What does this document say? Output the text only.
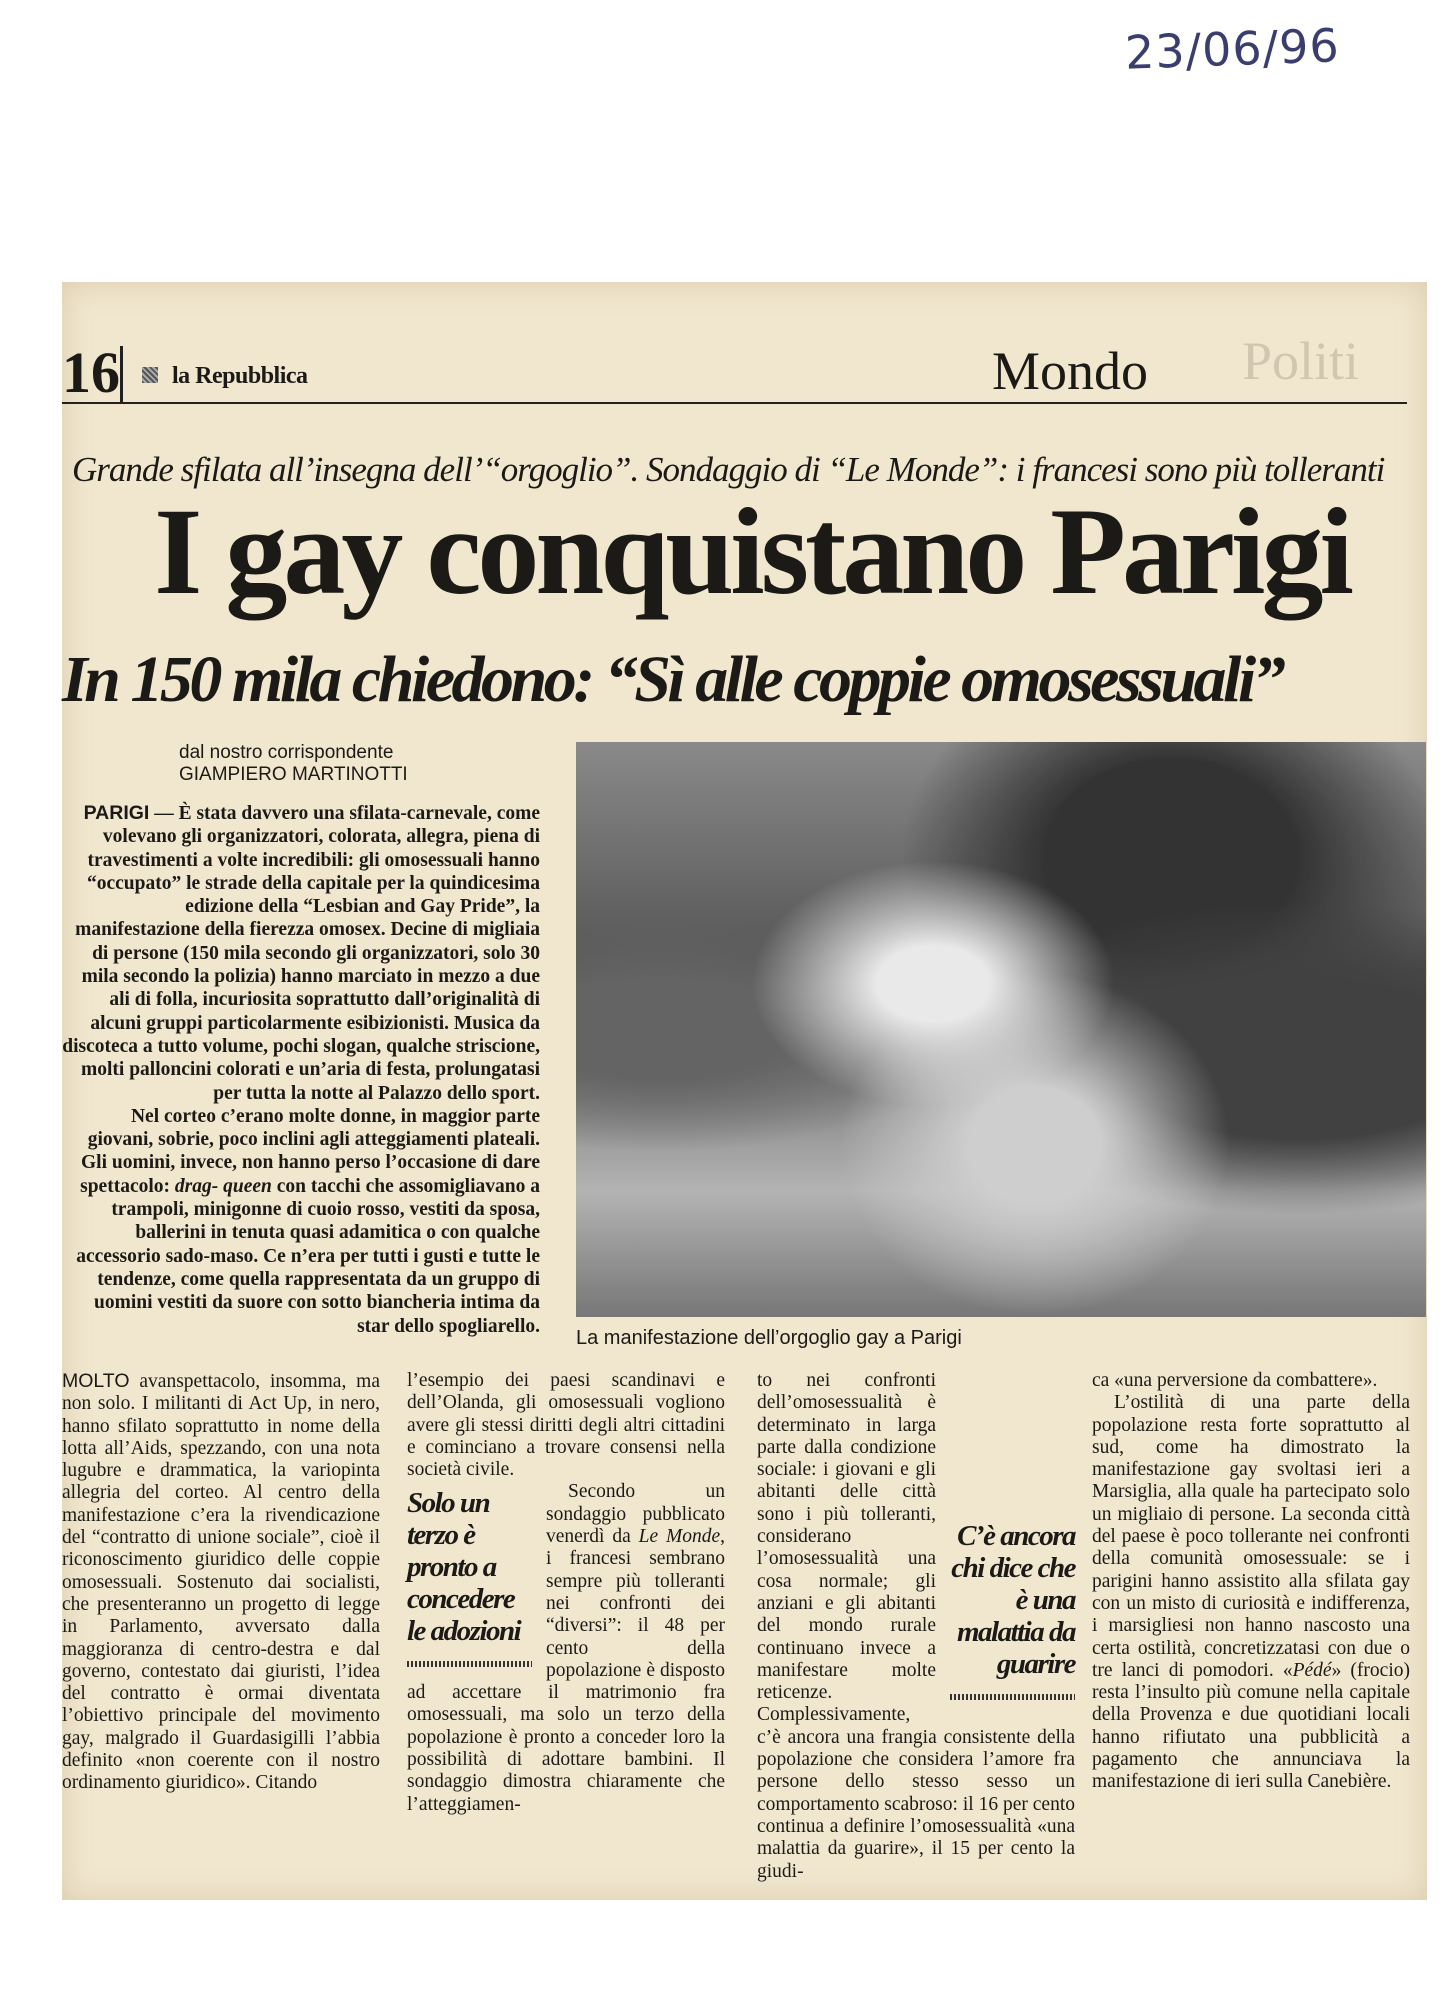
23/06/96
16 la Repubblica	Mondo Politi
Grande sfilata all’insegna dell’“orgoglio”. Sondaggio di “Le Monde”: i francesi sono più tolleranti
I gay conquistano Parigi
In 150 mila chiedono: “Sì alle coppie omosessuali”
dal nostro corrispondente
GIAMPIERO MARTINOTTI
PARIGI — È stata davvero una sfilata-carnevale, come volevano gli organizzatori, colorata, allegra, piena di travestimenti a volte incredibili: gli omosessuali hanno “occupato” le strade della capitale per la quindicesima edizione della “Lesbian and Gay Pride”, la manifestazione della fierezza omosex. Decine di migliaia di persone (150 mila secondo gli organizzatori, solo 30 mila secondo la polizia) hanno marciato in mezzo a due ali di folla, incuriosita soprattutto dall’originalità di alcuni gruppi particolarmente esibizionisti. Musica da discoteca a tutto volume, pochi slogan, qualche striscione, molti palloncini colorati e un’aria di festa, prolungatasi per tutta la notte al Palazzo dello sport.
Nel corteo c’erano molte donne, in maggior parte giovani, sobrie, poco inclini agli atteggiamenti plateali. Gli uomini, invece, non hanno perso l’occasione di dare spettacolo: drag- queen con tacchi che assomigliavano a trampoli, minigonne di cuoio rosso, vestiti da sposa, ballerini in tenuta quasi adamitica o con qualche accessorio sado-maso. Ce n’era per tutti i gusti e tutte le tendenze, come quella rappresentata da un gruppo di uomini vestiti da suore con sotto biancheria intima da star dello spogliarello.
La manifestazione dell’orgoglio gay a Parigi

MOLTO avanspettacolo, insomma, ma non solo. I militanti di Act Up, in nero, hanno sfilato soprattutto in nome della lotta all’Aids, spezzando, con una nota lugubre e drammatica, la variopinta allegria del corteo. Al centro della manifestazione c’era la rivendicazione del “contratto di unione sociale”, cioè il riconoscimento giuridico delle coppie omosessuali. Sostenuto dai socialisti, che presenteranno un progetto di legge in Parlamento, avversato dalla maggioranza di centro-destra e dal governo, contestato dai giuristi, l’idea del contratto è ormai diventata l’obiettivo principale del movimento gay, malgrado il Guardasigilli l’abbia definito «non coerente con il nostro ordinamento giuridico». Citando

l’esempio dei paesi scandinavi e dell’Olanda, gli omosessuali vogliono avere gli stessi diritti degli altri cittadini e cominciano a trovare consensi nella società civile.

Solo un terzo è pronto a concedere le adozioni

Secondo un sondaggio pubblicato venerdì da Le Monde, i francesi sembrano sempre più tolleranti nei confronti dei “diversi”: il 48 per cento della popolazione è disposto ad accettare il matrimonio fra omosessuali, ma solo un terzo della popolazione è pronto a conceder loro la possibilità di adottare bambini. Il sondaggio dimostra chiaramente che l’atteggiamen-

C’è ancora chi dice che è una malattia da guarire

to nei confronti dell’omosessualità è determinato in larga parte dalla condizione sociale: i giovani e gli abitanti delle città sono i più tolleranti, considerano l’omosessualità una cosa normale; gli anziani e gli abitanti del mondo rurale continuano invece a manifestare molte reticenze. Complessivamente, c’è ancora una frangia consistente della popolazione che considera l’amore fra persone dello stesso sesso un comportamento scabroso: il 16 per cento continua a definire l’omosessualità «una malattia da guarire», il 15 per cento la giudi-

ca «una perversione da combattere».

L’ostilità di una parte della popolazione resta forte soprattutto al sud, come ha dimostrato la manifestazione gay svoltasi ieri a Marsiglia, alla quale ha partecipato solo un migliaio di persone. La seconda città del paese è poco tollerante nei confronti della comunità omosessuale: se i parigini hanno assistito alla sfilata gay con un misto di curiosità e indifferenza, i marsigliesi non hanno nascosto una certa ostilità, concretizzatasi con due o tre lanci di pomodori. «Pédé» (frocio) resta l’insulto più comune nella capitale della Provenza e due quotidiani locali hanno rifiutato una pubblicità a pagamento che annunciava la manifestazione di ieri sulla Canebière.
